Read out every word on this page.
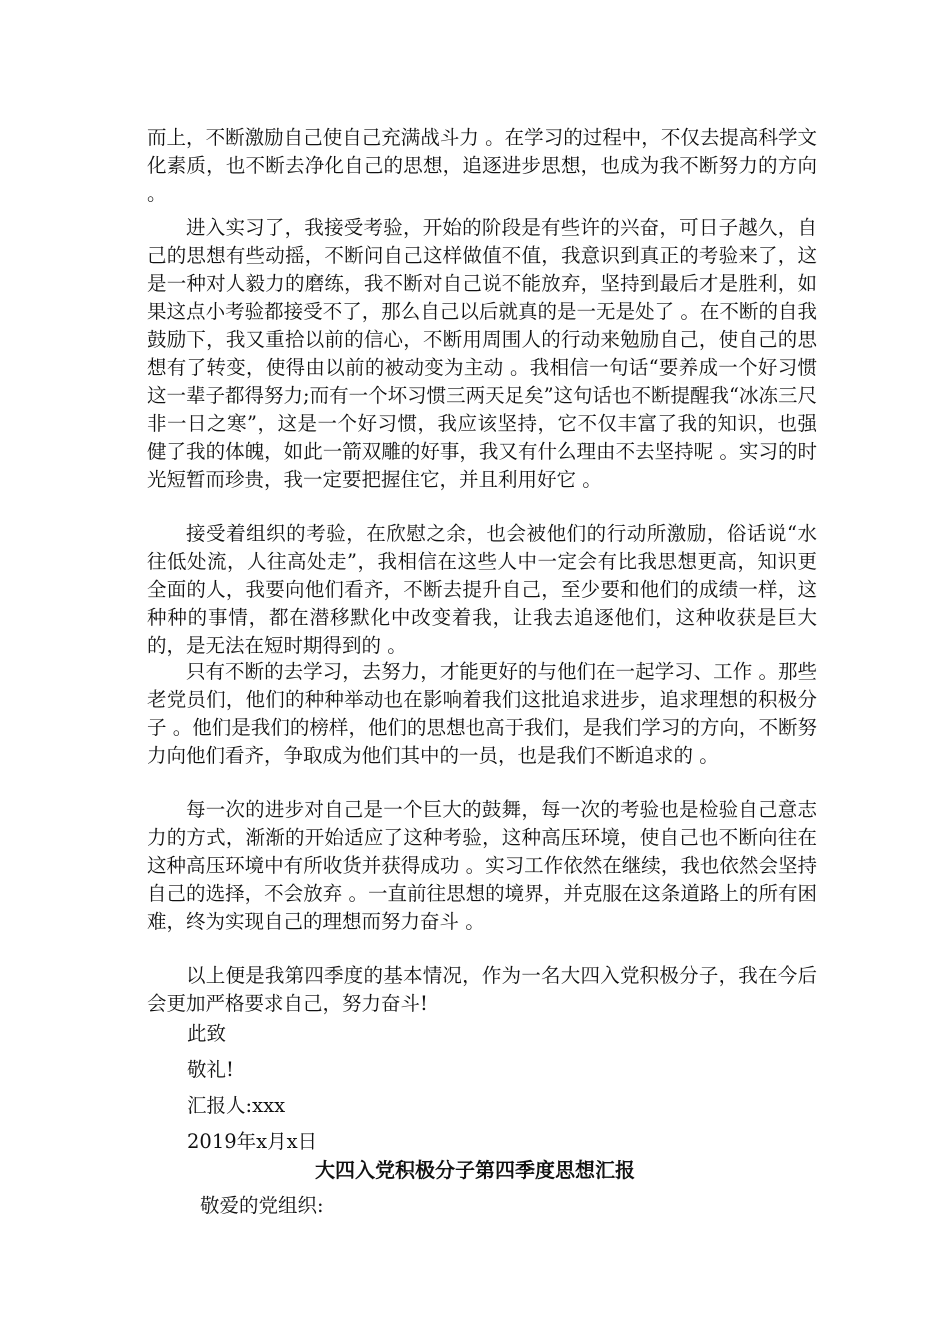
而上，不断激励自己使自己充满战斗力 。在学习的过程中，不仅去提高科学文化素质，也不断去净化自己的思想，追逐进步思想，也成为我不断努力的方向 。

进入实习了，我接受考验，开始的阶段是有些许的兴奋，可日子越久，自己的思想有些动摇，不断问自己这样做值不值，我意识到真正的考验来了，这是一种对人毅力的磨练，我不断对自己说不能放弃，坚持到最后才是胜利，如果这点小考验都接受不了，那么自己以后就真的是一无是处了 。在不断的自我鼓励下，我又重拾以前的信心，不断用周围人的行动来勉励自己，使自己的思想有了转变，使得由以前的被动变为主动 。我相信一句话“要养成一个好习惯这一辈子都得努力;而有一个坏习惯三两天足矣”这句话也不断提醒我“冰冻三尺非一日之寒”，这是一个好习惯，我应该坚持，它不仅丰富了我的知识，也强健了我的体魄，如此一箭双雕的好事，我又有什么理由不去坚持呢 。实习的时光短暂而珍贵，我一定要把握住它，并且利用好它 。

接受着组织的考验，在欣慰之余，也会被他们的行动所激励，俗话说“水往低处流，人往高处走”，我相信在这些人中一定会有比我思想更高，知识更全面的人，我要向他们看齐，不断去提升自己，至少要和他们的成绩一样，这种种的事情，都在潜移默化中改变着我，让我去追逐他们，这种收获是巨大的，是无法在短时期得到的 。

只有不断的去学习，去努力，才能更好的与他们在一起学习、工作 。那些老党员们，他们的种种举动也在影响着我们这批追求进步，追求理想的积极分子 。他们是我们的榜样，他们的思想也高于我们，是我们学习的方向，不断努力向他们看齐，争取成为他们其中的一员，也是我们不断追求的 。

每一次的进步对自己是一个巨大的鼓舞，每一次的考验也是检验自己意志力的方式，渐渐的开始适应了这种考验，这种高压环境，使自己也不断向往在这种高压环境中有所收货并获得成功 。实习工作依然在继续，我也依然会坚持自己的选择，不会放弃 。一直前往思想的境界，并克服在这条道路上的所有困难，终为实现自己的理想而努力奋斗 。

以上便是我第四季度的基本情况，作为一名大四入党积极分子，我在今后会更加严格要求自己，努力奋斗!

此致

敬礼!

汇报人:xxx

2019年x月x日

大四入党积极分子第四季度思想汇报

敬爱的党组织:
